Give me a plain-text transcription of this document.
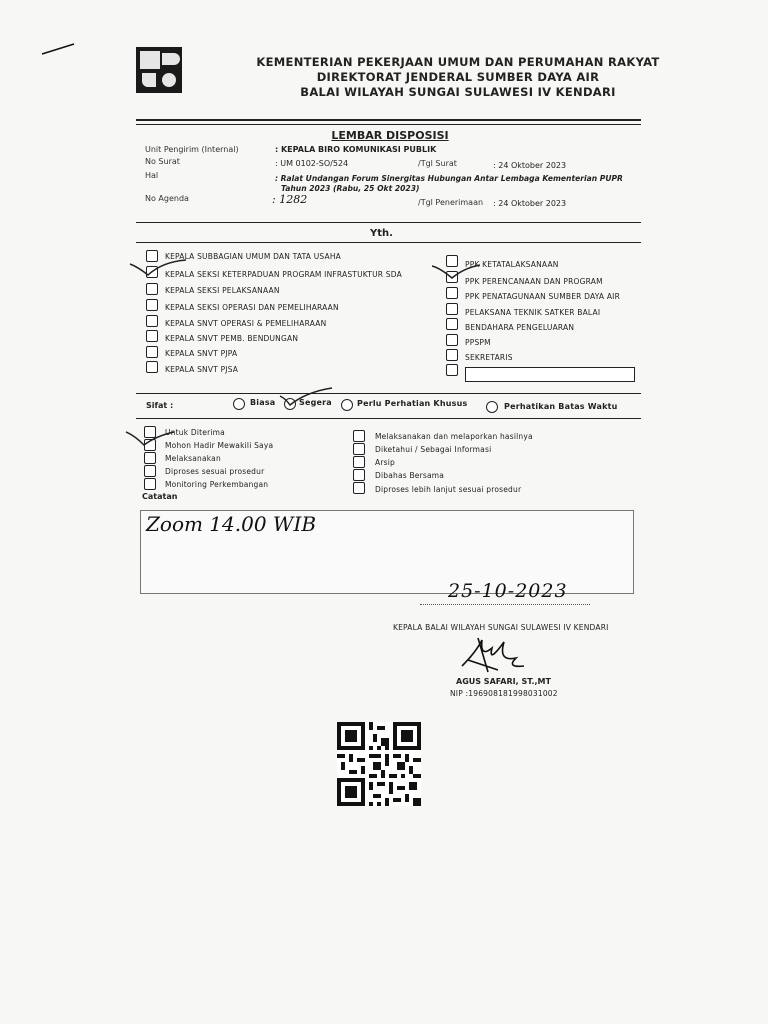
KEMENTERIAN PEKERJAAN UMUM DAN PERUMAHAN RAKYAT
DIREKTORAT JENDERAL SUMBER DAYA AIR
BALAI WILAYAH SUNGAI SULAWESI IV KENDARI
LEMBAR DISPOSISI
Unit Pengirim (Internal)	: KEPALA BIRO KOMUNIKASI PUBLIK
No Surat	: UM 0102-SO/524	/Tgl Surat	: 24 Oktober 2023
Hal	: Ralat Undangan Forum Sinergitas Hubungan Antar Lembaga Kementerian PUPR
Tahun 2023 (Rabu, 25 Okt 2023)
No Agenda	: 1282	/Tgl Penerimaan : 24 Oktober 2023
Yth.
KEPALA SUBBAGIAN UMUM DAN TATA USAHA
KEPALA SEKSI KETERPADUAN PROGRAM INFRASTUKTUR SDA
KEPALA SEKSI PELAKSANAAN
KEPALA SEKSI OPERASI DAN PEMELIHARAAN
KEPALA SNVT OPERASI & PEMELIHARAAN
KEPALA SNVT PEMB. BENDUNGAN
KEPALA SNVT PJPA
KEPALA SNVT PJSA
PPK KETATALAKSANAAN
PPK PERENCANAAN DAN PROGRAM
PPK PENATAGUNAAN SUMBER DAYA AIR
PELAKSANA TEKNIK SATKER BALAI
BENDAHARA PENGELUARAN
PPSPM
SEKRETARIS
Sifat :	Biasa	Segera	Perlu Perhatian Khusus	Perhatikan Batas Waktu
Untuk Diterima
Mohon Hadir Mewakili Saya
Melaksanakan
Diproses sesuai prosedur
Monitoring Perkembangan
Melaksanakan dan melaporkan hasilnya
Diketahui / Sebagai Informasi
Arsip
Dibahas Bersama
Diproses lebih lanjut sesuai prosedur
Catatan
Zoom 14.00 WIB
25-10-2023
KEPALA BALAI WILAYAH SUNGAI SULAWESI IV KENDARI
AGUS SAFARI, ST.,MT
NIP :196908181998031002
